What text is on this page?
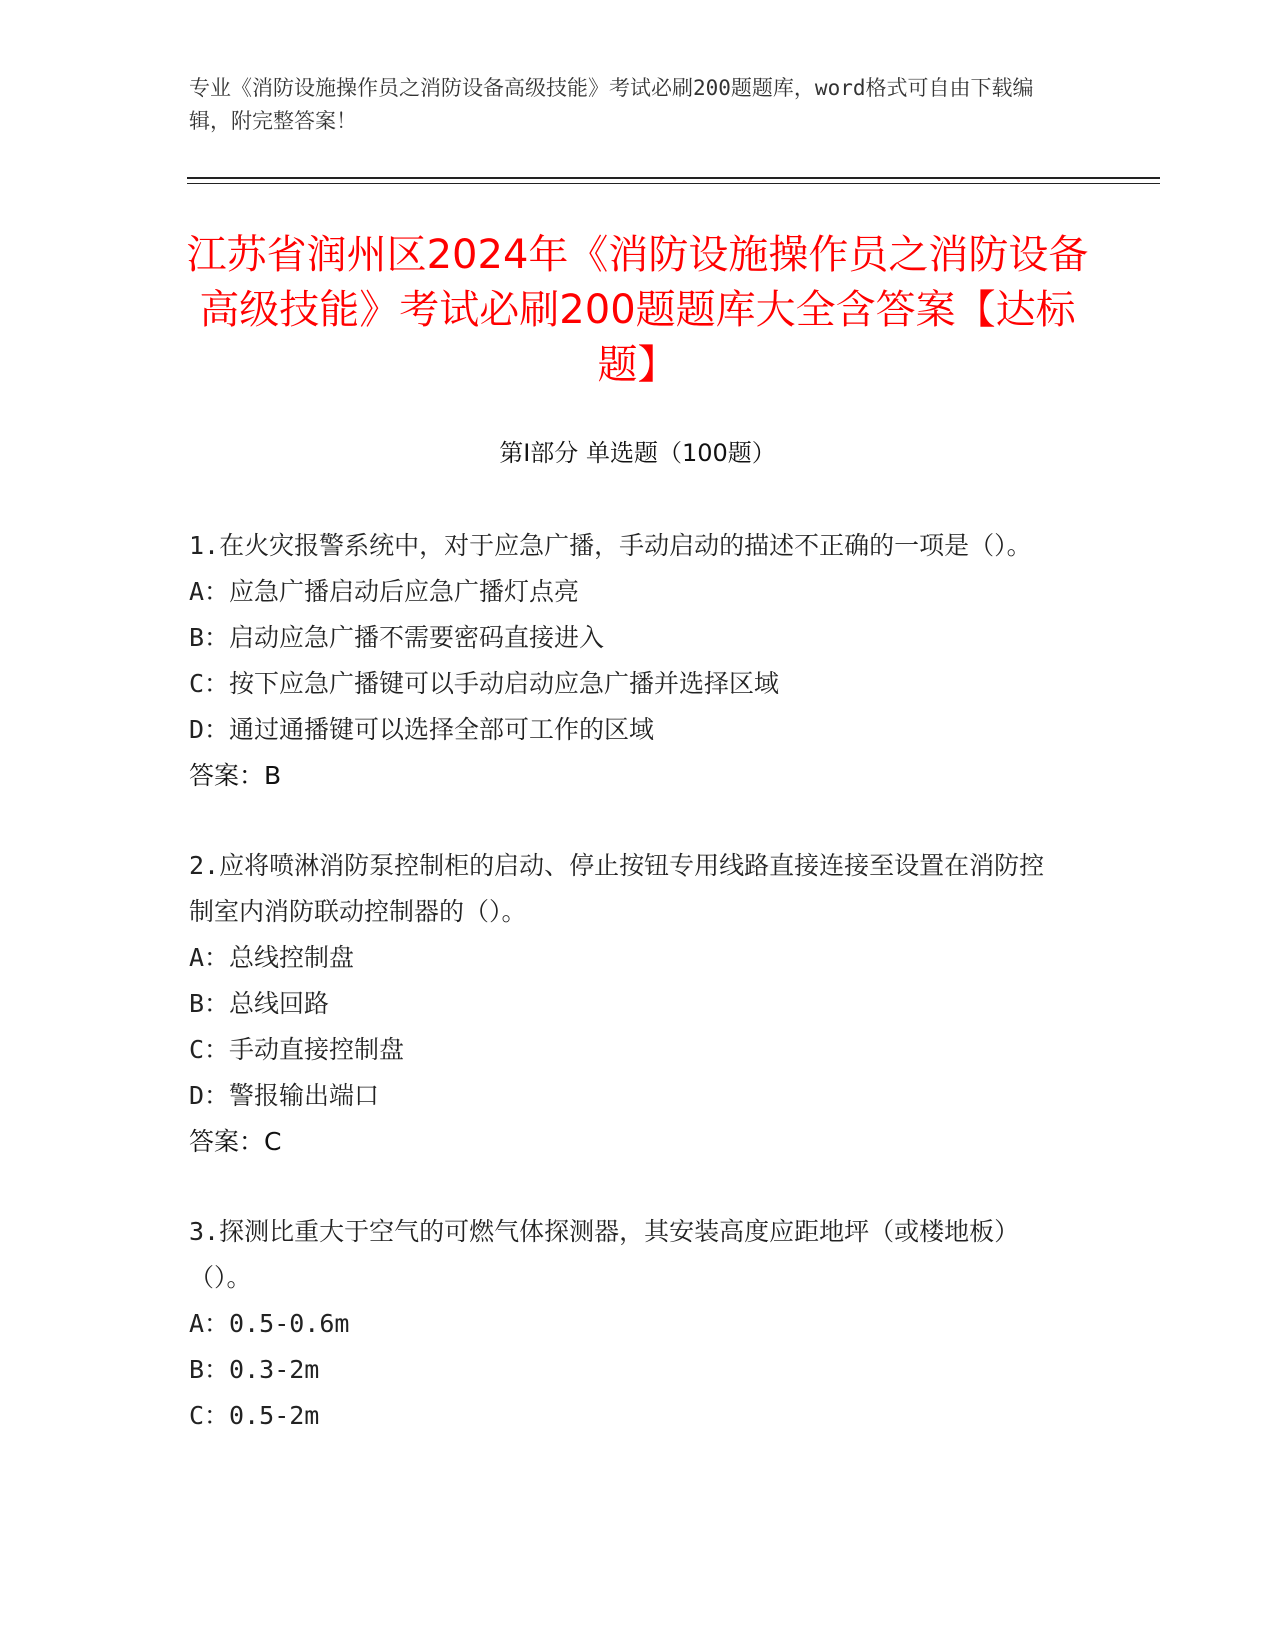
专业《消防设施操作员之消防设备高级技能》考试必刷200题题库，word格式可自由下载编辑，附完整答案！
江苏省润州区2024年《消防设施操作员之消防设备高级技能》考试必刷200题题库大全含答案【达标题】
第I部分 单选题（100题）
1.在火灾报警系统中，对于应急广播，手动启动的描述不正确的一项是（）。
A：应急广播启动后应急广播灯点亮
B：启动应急广播不需要密码直接进入
C：按下应急广播键可以手动启动应急广播并选择区域
D：通过通播键可以选择全部可工作的区域
答案：B
2.应将喷淋消防泵控制柜的启动、停止按钮专用线路直接连接至设置在消防控制室内消防联动控制器的（）。
A：总线控制盘
B：总线回路
C：手动直接控制盘
D：警报输出端口
答案：C
3.探测比重大于空气的可燃气体探测器，其安装高度应距地坪（或楼地板）（）。
A：0.5-0.6m
B：0.3-2m
C：0.5-2m
